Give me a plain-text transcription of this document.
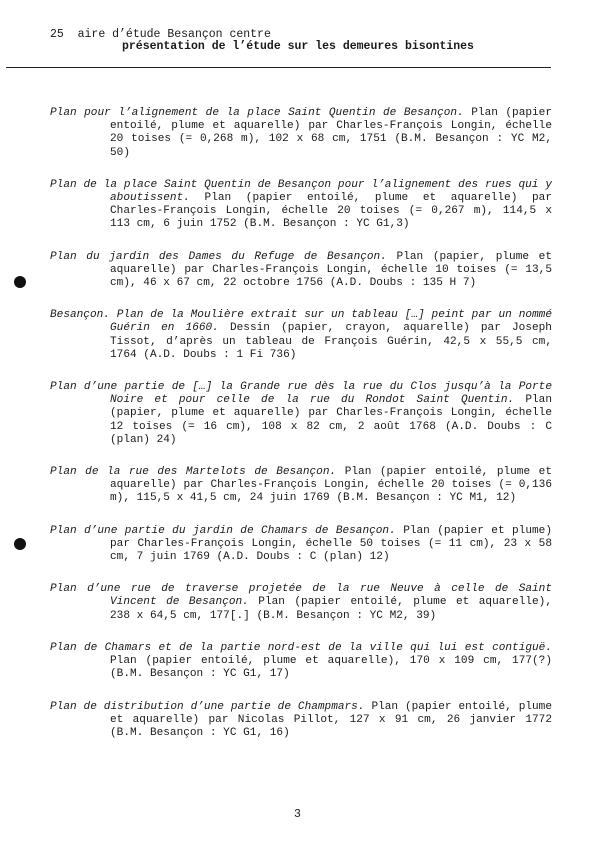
25 aire d’étude Besançon centre
présentation de l’étude sur les demeures bisontines

Plan pour l’alignement de la place Saint Quentin de Besançon. Plan (papier entoilé, plume et aquarelle) par Charles-François Longin, échelle 20 toises (= 0,268 m), 102 x 68 cm, 1751 (B.M. Besançon : YC M2, 50)

Plan de la place Saint Quentin de Besançon pour l’alignement des rues qui y aboutissent. Plan (papier entoilé, plume et aquarelle) par Charles-François Longin, échelle 20 toises (= 0,267 m), 114,5 x 113 cm, 6 juin 1752 (B.M. Besançon : YC G1,3)

Plan du jardin des Dames du Refuge de Besançon. Plan (papier, plume et aquarelle) par Charles-François Longin, échelle 10 toises (= 13,5 cm), 46 x 67 cm, 22 octobre 1756 (A.D. Doubs : 135 H 7)

Besançon. Plan de la Moulière extrait sur un tableau […] peint par un nommé Guérin en 1660. Dessin (papier, crayon, aquarelle) par Joseph Tissot, d’après un tableau de François Guérin, 42,5 x 55,5 cm, 1764 (A.D. Doubs : 1 Fi 736)

Plan d’une partie de […] la Grande rue dès la rue du Clos jusqu’à la Porte Noire et pour celle de la rue du Rondot Saint Quentin. Plan (papier, plume et aquarelle) par Charles-François Longin, échelle 12 toises (= 16 cm), 108 x 82 cm, 2 août 1768 (A.D. Doubs : C (plan) 24)

Plan de la rue des Martelots de Besançon. Plan (papier entoilé, plume et aquarelle) par Charles-François Longin, échelle 20 toises (= 0,136 m), 115,5 x 41,5 cm, 24 juin 1769 (B.M. Besançon : YC M1, 12)

Plan d’une partie du jardin de Chamars de Besançon. Plan (papier et plume) par Charles-François Longin, échelle 50 toises (= 11 cm), 23 x 58 cm, 7 juin 1769 (A.D. Doubs : C (plan) 12)

Plan d’une rue de traverse projetée de la rue Neuve à celle de Saint Vincent de Besançon. Plan (papier entoilé, plume et aquarelle), 238 x 64,5 cm, 177[.] (B.M. Besançon : YC M2, 39)

Plan de Chamars et de la partie nord-est de la ville qui lui est contiguë. Plan (papier entoilé, plume et aquarelle), 170 x 109 cm, 177(?) (B.M. Besançon : YC G1, 17)

Plan de distribution d’une partie de Champmars. Plan (papier entoilé, plume et aquarelle) par Nicolas Pillot, 127 x 91 cm, 26 janvier 1772 (B.M. Besançon : YC G1, 16)

3
